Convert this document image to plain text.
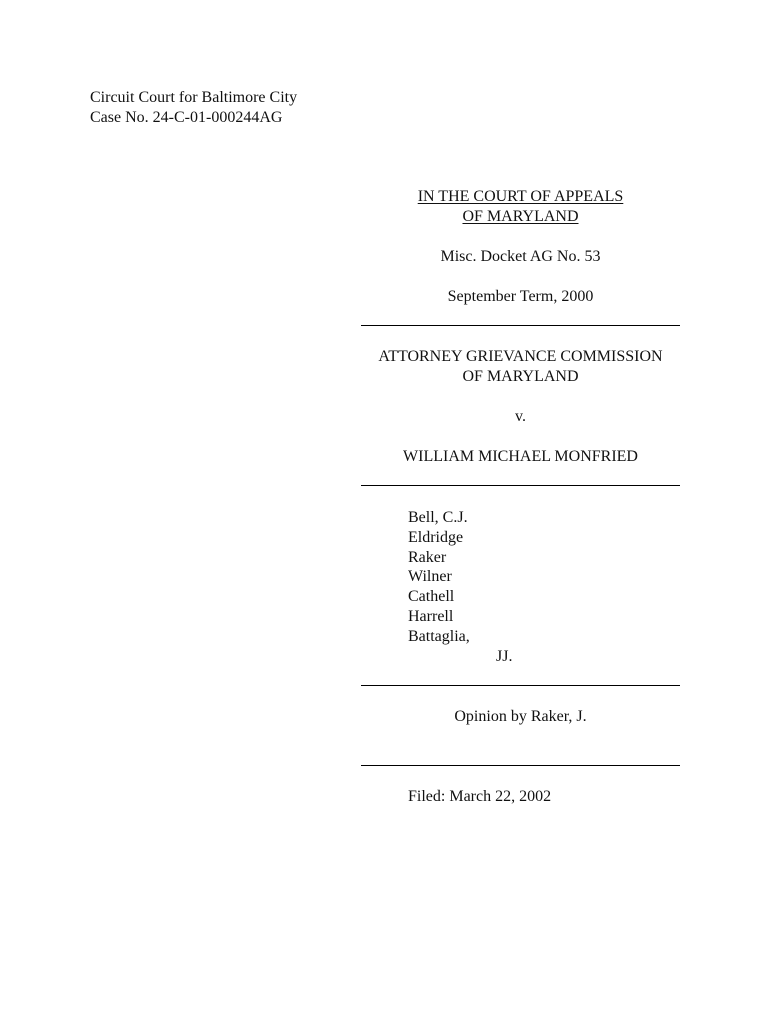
Circuit Court for Baltimore City
Case No. 24-C-01-000244AG
IN THE COURT OF APPEALS
OF MARYLAND
Misc. Docket AG No. 53
September Term, 2000
ATTORNEY GRIEVANCE COMMISSION
OF MARYLAND
v.
WILLIAM MICHAEL MONFRIED
Bell, C.J.
Eldridge
Raker
Wilner
Cathell
Harrell
Battaglia,
JJ.
Opinion by Raker, J.
Filed: March 22, 2002
